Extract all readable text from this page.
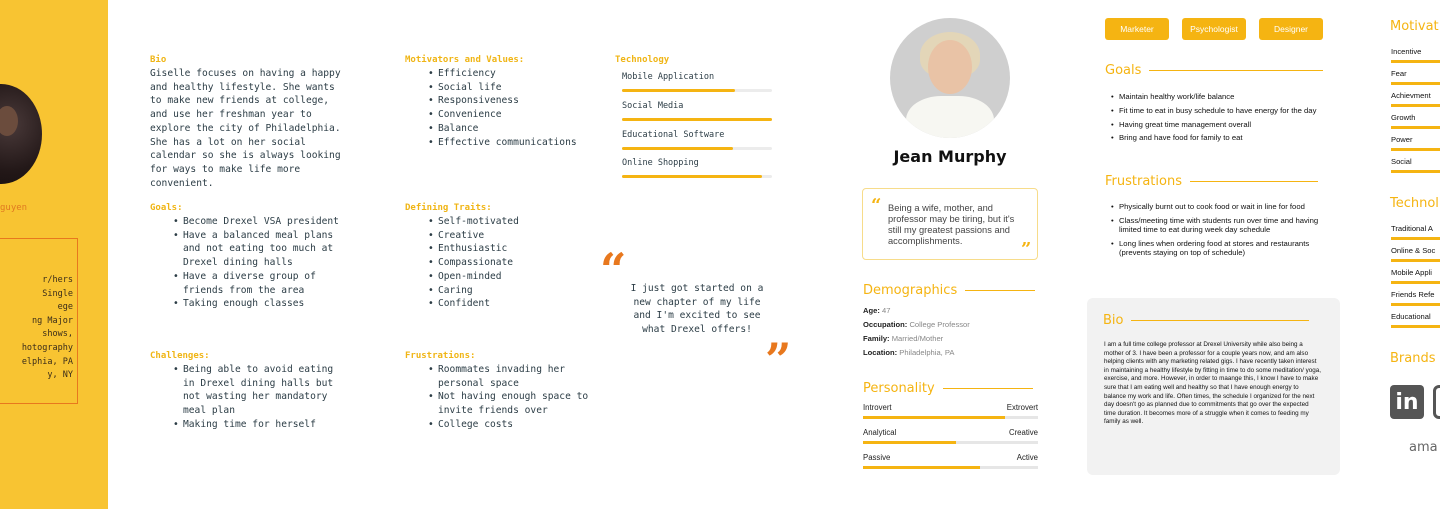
guyen
r/hers
Single
ege
ng Major
shows,
hotography
elphia, PA
y, NY
Bio
Giselle focuses on having a happy and healthy lifestyle. She wants to make new friends at college, and use her freshman year to explore the city of Philadelphia. She has a lot on her social calendar so she is always looking for ways to make life more convenient.
Goals:
• Become Drexel VSA president
• Have a balanced meal plans and not eating too much at Drexel dining halls
• Have a diverse group of friends from the area
• Taking enough classes
Challenges:
• Being able to avoid eating in Drexel dining halls but not wasting her mandatory meal plan
• Making time for herself
Motivators and Values:
• Efficiency
• Social life
• Responsiveness
• Convenience
• Balance
• Effective communications
Defining Traits:
• Self-motivated
• Creative
• Enthusiastic
• Compassionate
• Open-minded
• Caring
• Confident
Frustrations:
• Roommates invading her personal space
• Not having enough space to invite friends over
• College costs
Technology
Mobile Application
Social Media
Educational Software
Online Shopping
“ I just got started on a new chapter of my life and I'm excited to see what Drexel offers!
”
Jean Murphy
“ Being a wife, mother, and professor may be tiring, but it's still my greatest passions and accomplishments.	”
Demographics
Age: 47
Occupation: College Professor
Family: Married/Mother
Location: Philadelphia, PA
Personality
Introvert	Extrovert
Analytical	Creative
Passive	Active
Marketer	Psychologist	Designer
Goals
• Maintain healthy work/life balance
• Fit time to eat in busy schedule to have energy for the day
• Having great time management overall
• Bring and have food for family to eat
Frustrations
• Physically burnt out to cook food or wait in line for food
• Class/meeting time with students run over time and having limited time to eat during week day schedule
• Long lines when ordering food at stores and restaurants (prevents staying on top of schedule)
Bio
I am a full time college professor at Drexel University while also being a mother of 3. I have been a professor for a couple years now, and am also helping clients with any marketing related gigs. I have recently taken interest in maintaining a healthy lifestyle by fitting in time to do some meditation/ yoga, exercise, and more. However, in order to maange this, I know I have to make sure that I am eating well and healthy so that I have enough energy to balance my work and life. Often times, the schedule I organized for the next day doesn't go as planned due to commitments that go over the expected time duration. It becomes more of a struggle when it comes to feeding my family as well.
Motivat
Incentive
Fear
Achievment
Growth
Power
Social
Technol
Traditional A
Online & Soc
Mobile Appli
Friends Refe
Educational
Brands
in
ama
